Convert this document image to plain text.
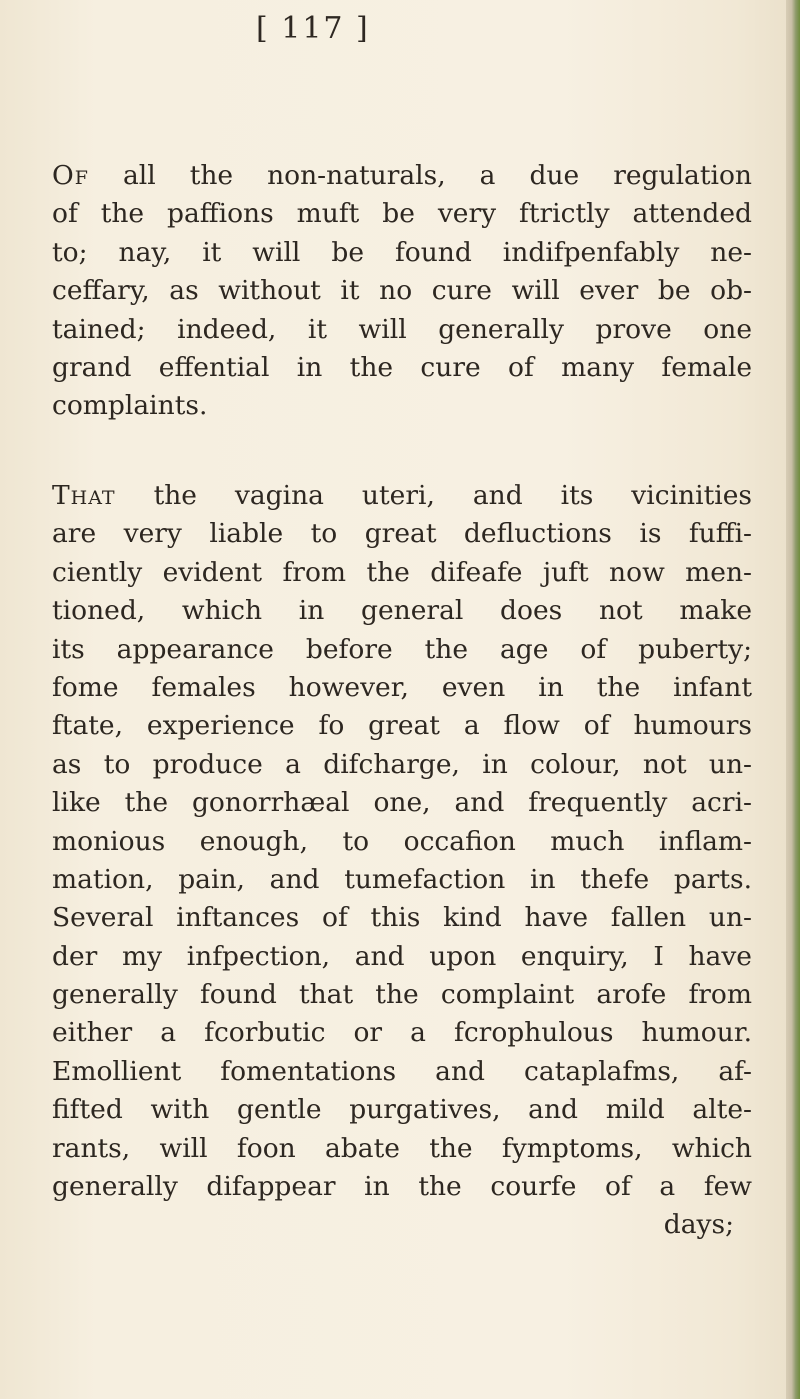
[ 117 ]
Of all the non-naturals, a due regulation
of the paffions muft be very ftrictly attended
to; nay, it will be found indifpenfably ne-
ceffary, as without it no cure will ever be ob-
tained; indeed, it will generally prove one
grand effential in the cure of many female
complaints.
That the vagina uteri, and its vicinities
are very liable to great defluctions is fuffi-
ciently evident from the difeafe juft now men-
tioned, which in general does not make
its appearance before the age of puberty;
fome females however, even in the infant
ftate, experience fo great a flow of humours
as to produce a difcharge, in colour, not un-
like the gonorrhæal one, and frequently acri-
monious enough, to occafion much inflam-
mation, pain, and tumefaction in thefe parts.
Several inftances of this kind have fallen un-
der my infpection, and upon enquiry, I have
generally found that the complaint arofe from
either a fcorbutic or a fcrophulous humour.
Emollient fomentations and cataplafms, af-
fifted with gentle purgatives, and mild alte-
rants, will foon abate the fymptoms, which
generally difappear in the courfe of a few
days;
